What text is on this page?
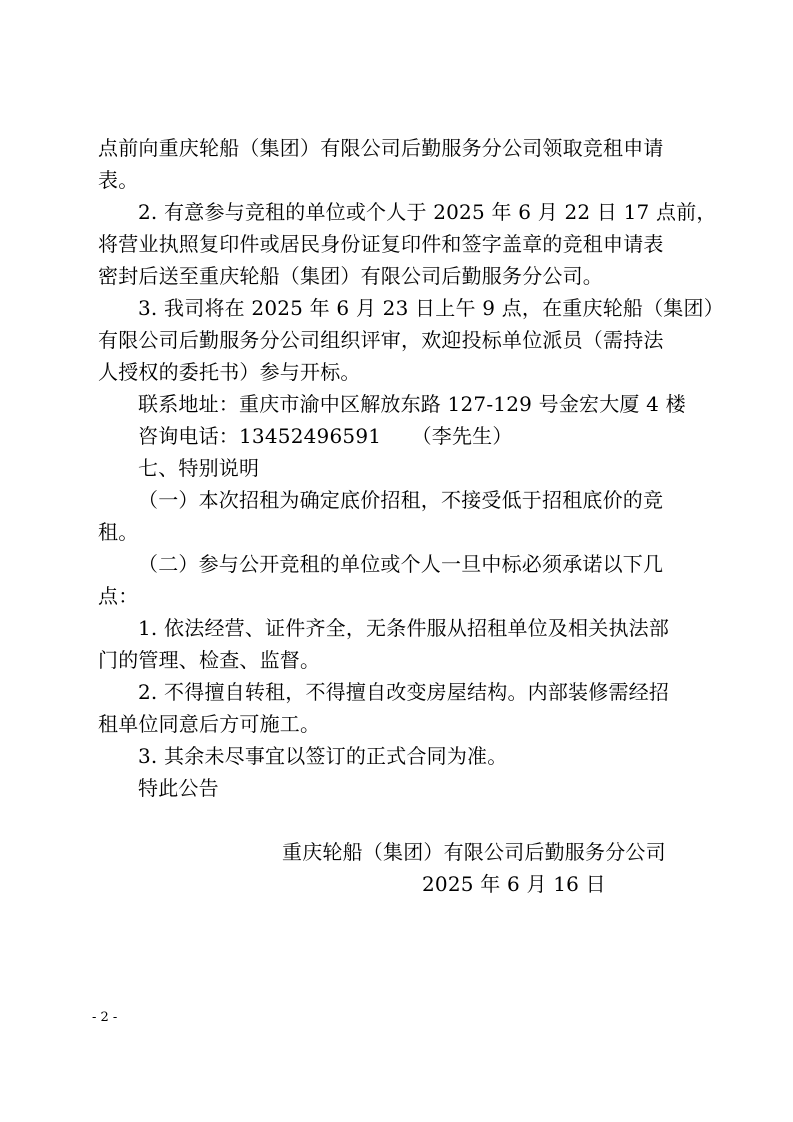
点前向重庆轮船（集团）有限公司后勤服务分公司领取竞租申请
表。
2. 有意参与竞租的单位或个人于 2025 年 6 月 22 日 17 点前，
将营业执照复印件或居民身份证复印件和签字盖章的竞租申请表
密封后送至重庆轮船（集团）有限公司后勤服务分公司。
3. 我司将在 2025 年 6 月 23 日上午 9 点，在重庆轮船（集团）
有限公司后勤服务分公司组织评审，欢迎投标单位派员（需持法
人授权的委托书）参与开标。
联系地址：重庆市渝中区解放东路 127-129 号金宏大厦 4 楼
咨询电话：13452496591　　（李先生）
七、特别说明
（一）本次招租为确定底价招租，不接受低于招租底价的竞
租。
（二）参与公开竞租的单位或个人一旦中标必须承诺以下几
点：
1. 依法经营、证件齐全，无条件服从招租单位及相关执法部
门的管理、检查、监督。
2. 不得擅自转租，不得擅自改变房屋结构。内部装修需经招
租单位同意后方可施工。
3. 其余未尽事宜以签订的正式合同为准。
特此公告
重庆轮船（集团）有限公司后勤服务分公司
2025 年 6 月 16 日
- 2 -
